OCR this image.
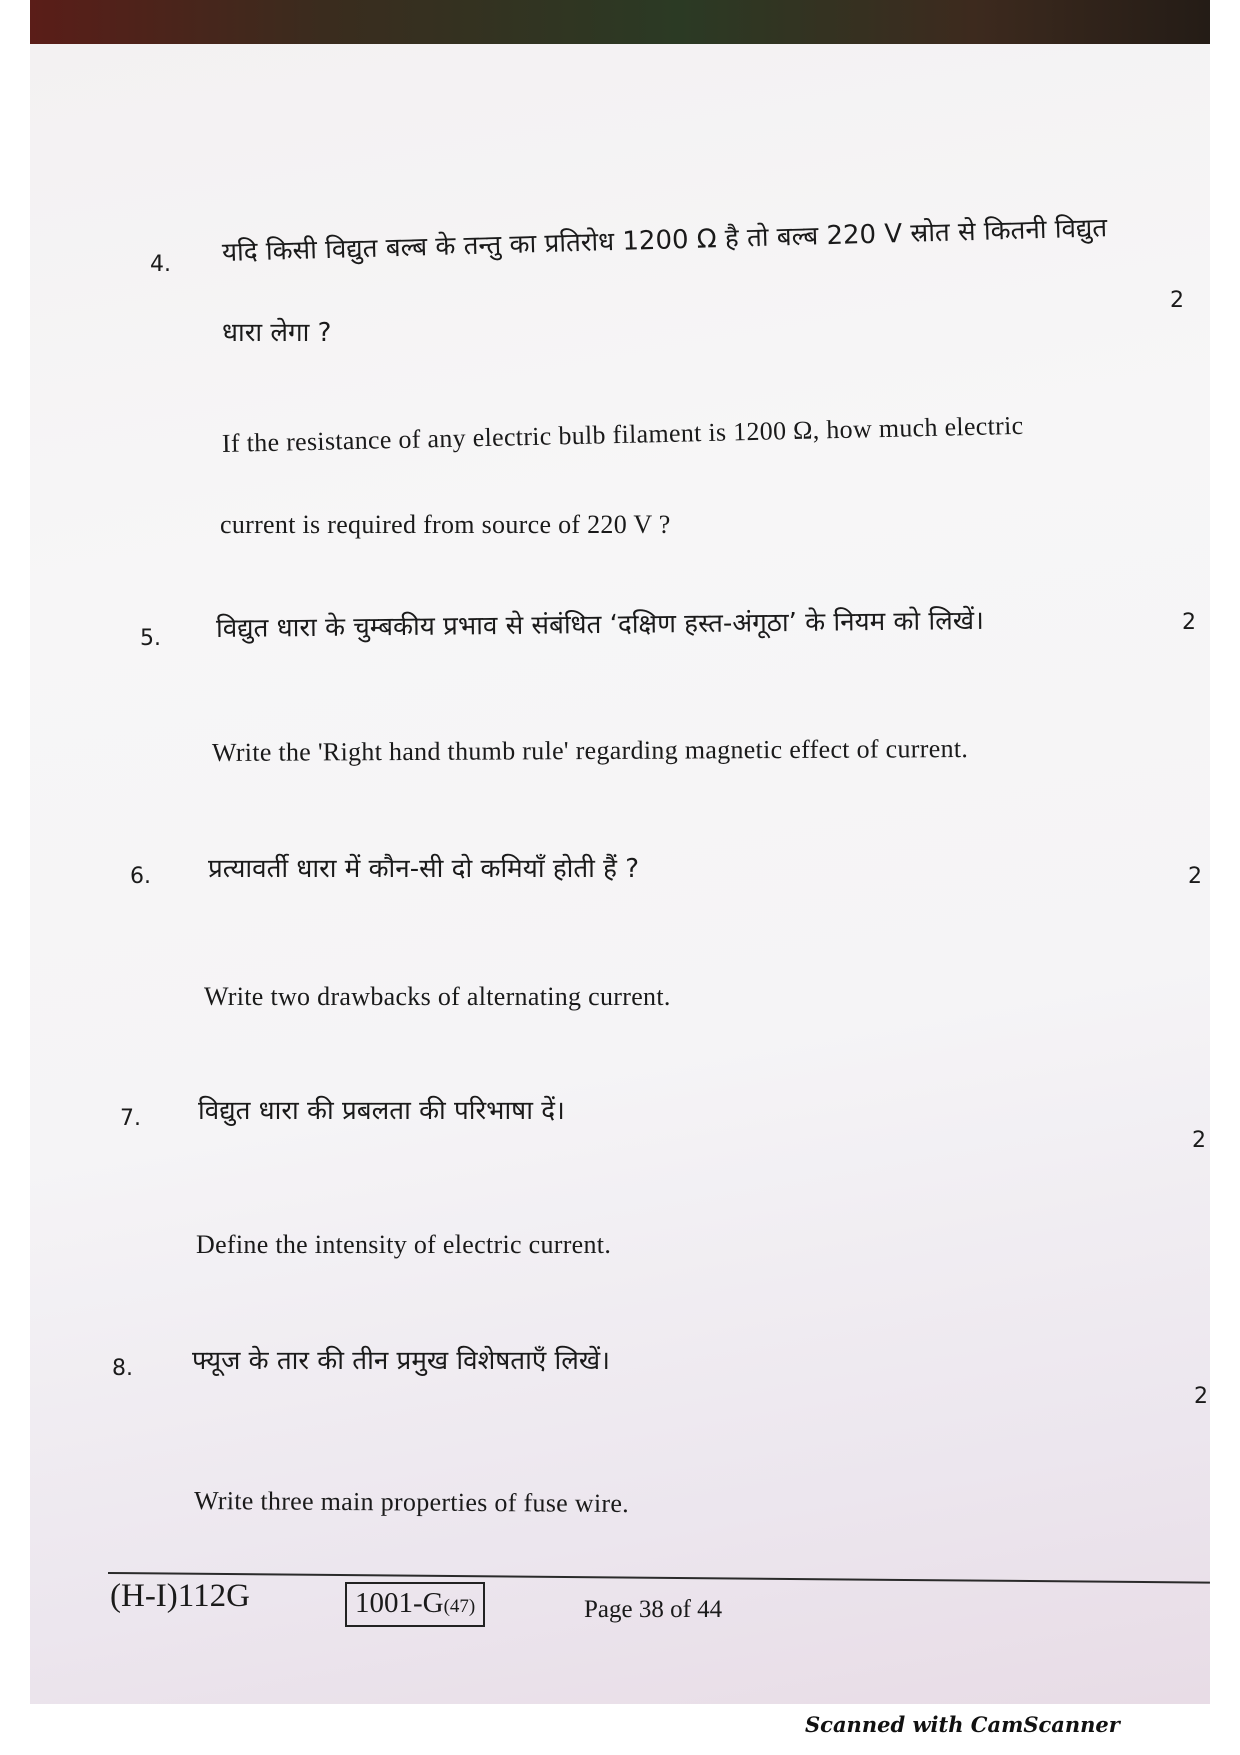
4. यदि किसी विद्युत बल्ब के तन्तु का प्रतिरोध 1200 Ω है तो बल्ब 220 V स्रोत से कितनी विद्युत
2
धारा लेगा ?
If the resistance of any electric bulb filament is 1200 Ω, how much electric
current is required from source of 220 V ?
5. विद्युत धारा के चुम्बकीय प्रभाव से संबंधित ‘दक्षिण हस्त-अंगूठा’ के नियम को लिखें।	2
Write the 'Right hand thumb rule' regarding magnetic effect of current.
6. प्रत्यावर्ती धारा में कौन-सी दो कमियाँ होती हैं ?	2
Write two drawbacks of alternating current.
7. विद्युत धारा की प्रबलता की परिभाषा दें।
2
Define the intensity of electric current.
8. फ्यूज के तार की तीन प्रमुख विशेषताएँ लिखें।
2
Write three main properties of fuse wire.
(H-I)112G	1001-G(47)	Page 38 of 44
Scanned with CamScanner
